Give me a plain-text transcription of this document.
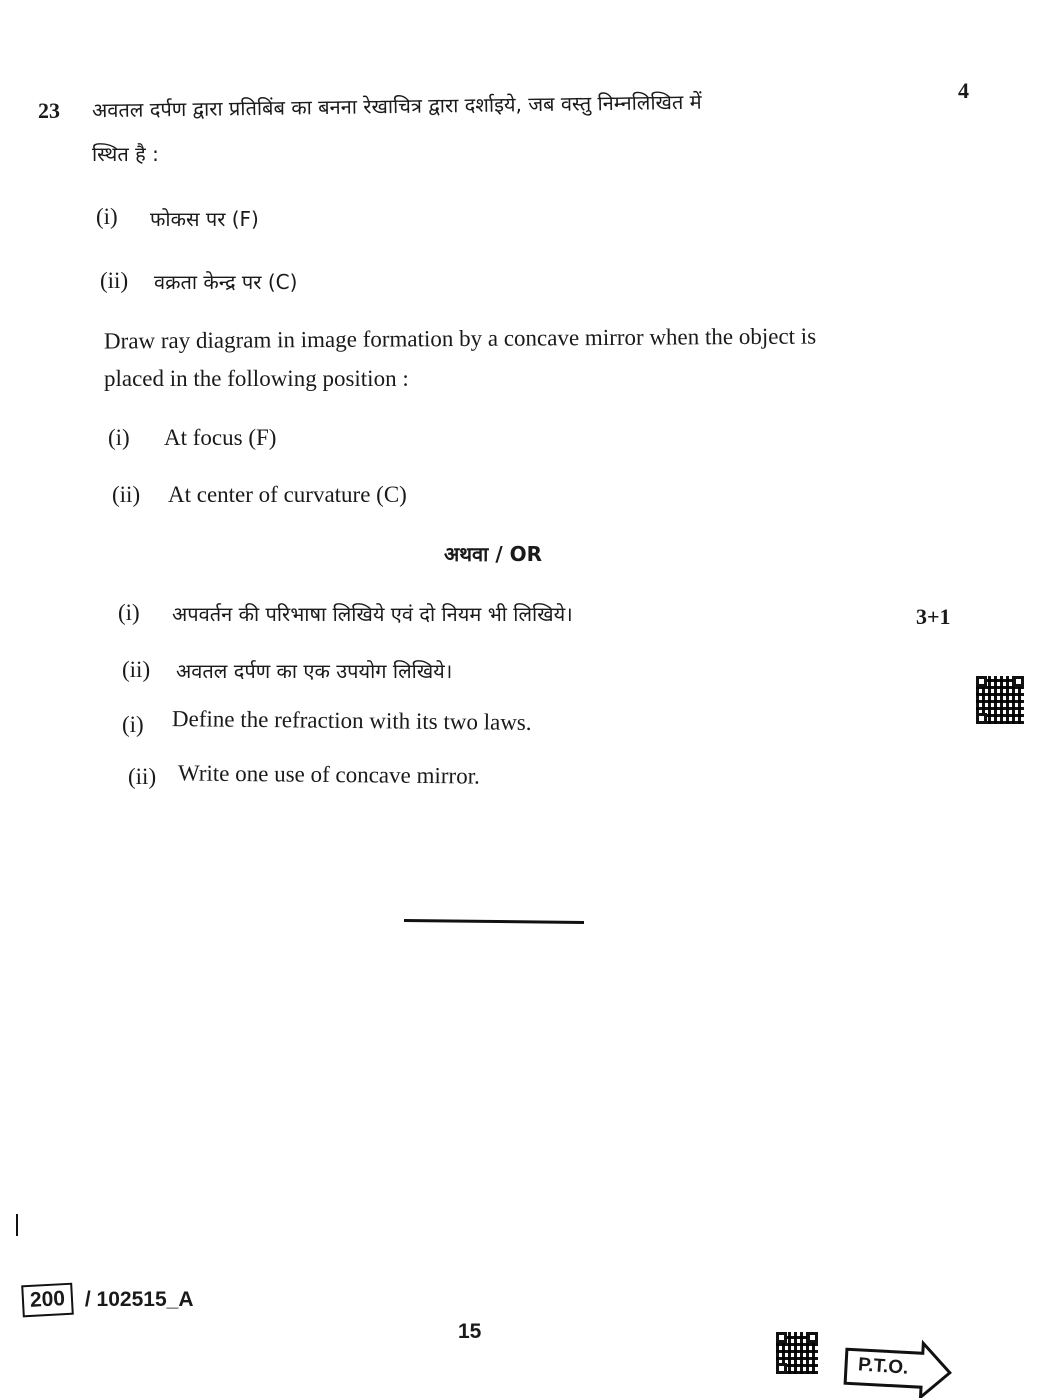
23 अवतल दर्पण द्वारा प्रतिबिंब का बनना रेखाचित्र द्वारा दर्शाइये, जब वस्तु निम्नलिखित में	4
स्थित है :
(i) फोकस पर (F)
(ii) वक्रता केन्द्र पर (C)
Draw ray diagram in image formation by a concave mirror when the object is
placed in the following position :
(i) At focus (F)
(ii) At center of curvature (C)
अथवा / OR
(i) अपवर्तन की परिभाषा लिखिये एवं दो नियम भी लिखिये।	3+1
(ii) अवतल दर्पण का एक उपयोग लिखिये।
(i) Define the refraction with its two laws.
(ii) Write one use of concave mirror.
200 / 102515_A
15
P.T.O.
